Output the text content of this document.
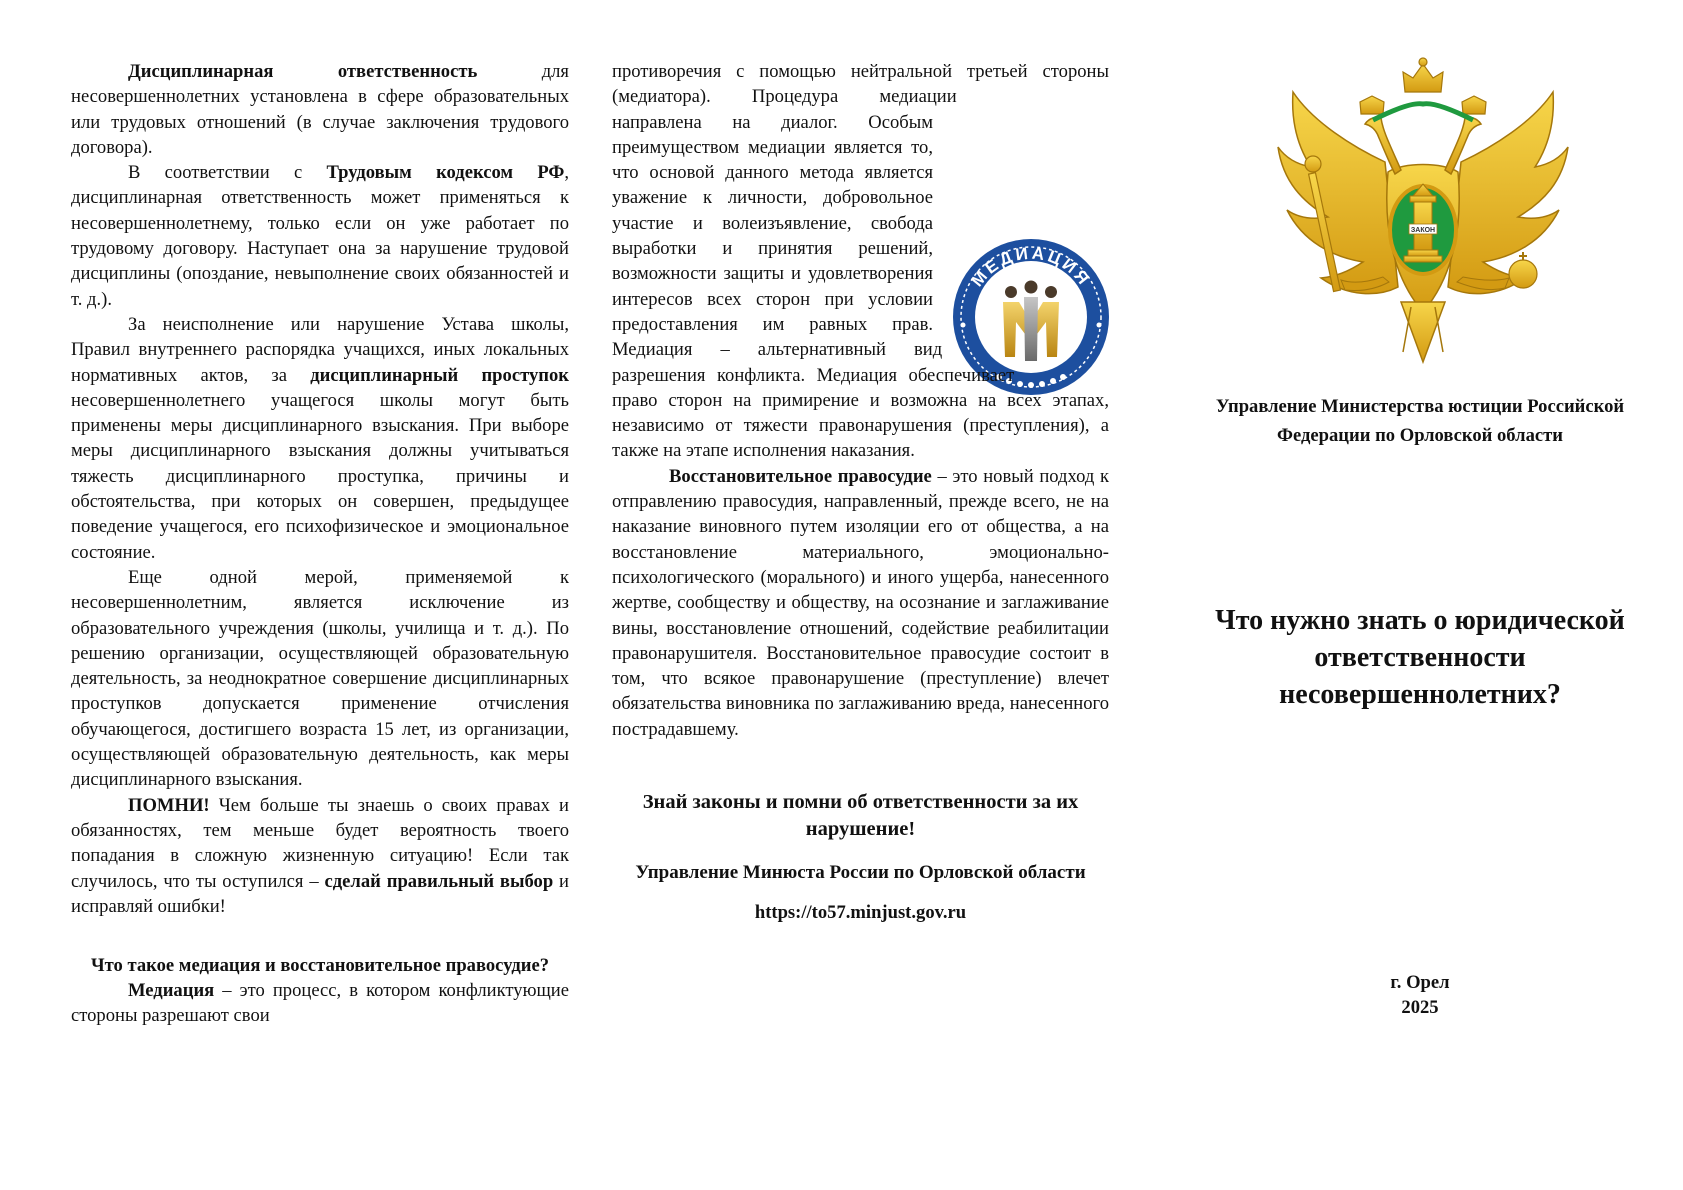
Дисциплинарная ответственность для несовершеннолетних установлена в сфере образовательных или трудовых отношений (в случае заключения трудового договора).

В соответствии с Трудовым кодексом РФ, дисциплинарная ответственность может применяться к несовершеннолетнему, только если он уже работает по трудовому договору. Наступает она за нарушение трудовой дисциплины (опоздание, невыполнение своих обязанностей и т. д.).

За неисполнение или нарушение Устава школы, Правил внутреннего распорядка учащихся, иных локальных нормативных актов, за дисциплинарный проступок несовершеннолетнего учащегося школы могут быть применены меры дисциплинарного взыскания. При выборе меры дисциплинарного взыскания должны учитываться тяжесть дисциплинарного проступка, причины и обстоятельства, при которых он совершен, предыдущее поведение учащегося, его психофизическое и эмоциональное состояние.

Еще одной мерой, применяемой к несовершеннолетним, является исключение из образовательного учреждения (школы, училища и т. д.). По решению организации, осуществляющей образовательную деятельность, за неоднократное совершение дисциплинарных проступков допускается применение отчисления обучающегося, достигшего возраста 15 лет, из организации, осуществляющей образовательную деятельность, как меры дисциплинарного взыскания.

ПОМНИ! Чем больше ты знаешь о своих правах и обязанностях, тем меньше будет вероятность твоего попадания в сложную жизненную ситуацию! Если так случилось, что ты оступился – сделай правильный выбор и исправляй ошибки!

Что такое медиация и восстановительное правосудие?

Медиация – это процесс, в котором конфликтующие стороны разрешают свои

МЕДИАЦИЯ
противоречия с помощью нейтральной третьей стороны (медиатора). Процедура медиации направлена на диалог. Особым преимуществом медиации является то, что основой данного метода является уважение к личности, добровольное участие и волеизъявление, свобода выработки и принятия решений, возможности защиты и удовлетворения интересов всех сторон при условии предоставления им равных прав. Медиация – альтернативный вид разрешения конфликта. Медиация обеспечивает право сторон на примирение и возможна на всех этапах, независимо от тяжести правонарушения (преступления), а также на этапе исполнения наказания.

Восстановительное правосудие – это новый подход к отправлению правосудия, направленный, прежде всего, не на наказание виновного путем изоляции его от общества, а на восстановление материального, эмоционально-психологического (морального) и иного ущерба, нанесенного жертве, сообществу и обществу, на осознание и заглаживание вины, восстановление отношений, содействие реабилитации правонарушителя. Восстановительное правосудие состоит в том, что всякое правонарушение (преступление) влечет обязательства виновника по заглаживанию вреда, нанесенного пострадавшему.

Знай законы и помни об ответственности за их нарушение!

Управление Минюста России по Орловской области

https://to57.minjust.gov.ru

ЗАКОН
Управление Министерства юстиции Российской Федерации по Орловской области
Что нужно знать о юридической ответственности несовершеннолетних?
г. Орел
2025
